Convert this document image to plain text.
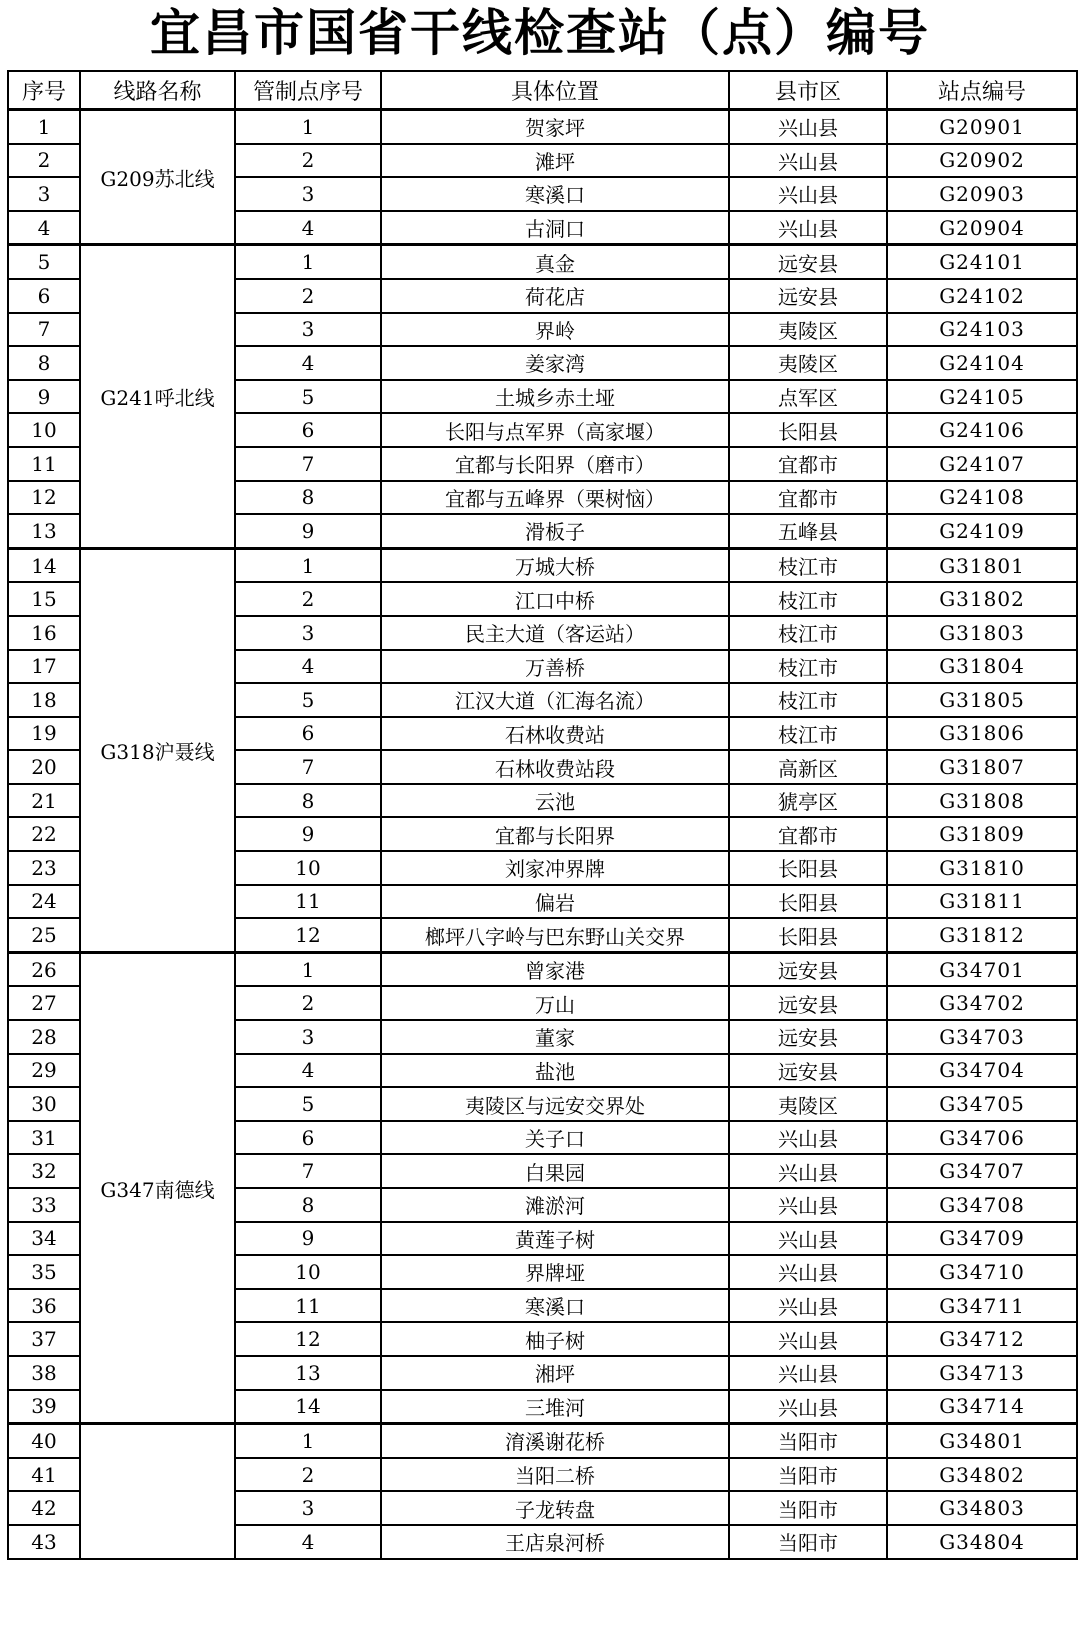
宜昌市国省干线检查站（点）编号
序号	线路名称	管制点序号	具体位置	县市区	站点编号
1	G209苏北线	1	贺家坪	兴山县	G20901
2		2	滩坪	兴山县	G20902
3		3	寒溪口	兴山县	G20903
4		4	古洞口	兴山县	G20904
5	G241呼北线	1	真金	远安县	G24101
6		2	荷花店	远安县	G24102
7		3	界岭	夷陵区	G24103
8		4	姜家湾	夷陵区	G24104
9		5	土城乡赤土垭	点军区	G24105
10		6	长阳与点军界（高家堰）	长阳县	G24106
11		7	宜都与长阳界（磨市）	宜都市	G24107
12		8	宜都与五峰界（栗树恼）	宜都市	G24108
13		9	滑板子	五峰县	G24109
14	G318沪聂线	1	万城大桥	枝江市	G31801
15		2	江口中桥	枝江市	G31802
16		3	民主大道（客运站）	枝江市	G31803
17		4	万善桥	枝江市	G31804
18		5	江汉大道（汇海名流）	枝江市	G31805
19		6	石林收费站	枝江市	G31806
20		7	石林收费站段	高新区	G31807
21		8	云池	猇亭区	G31808
22		9	宜都与长阳界	宜都市	G31809
23		10	刘家冲界牌	长阳县	G31810
24		11	偏岩	长阳县	G31811
25		12	榔坪八字岭与巴东野山关交界	长阳县	G31812
26	G347南德线	1	曾家港	远安县	G34701
27		2	万山	远安县	G34702
28		3	董家	远安县	G34703
29		4	盐池	远安县	G34704
30		5	夷陵区与远安交界处	夷陵区	G34705
31		6	关子口	兴山县	G34706
32		7	白果园	兴山县	G34707
33		8	滩淤河	兴山县	G34708
34		9	黄莲子树	兴山县	G34709
35		10	界牌垭	兴山县	G34710
36		11	寒溪口	兴山县	G34711
37		12	柚子树	兴山县	G34712
38		13	湘坪	兴山县	G34713
39		14	三堆河	兴山县	G34714
40		1	淯溪谢花桥	当阳市	G34801
41		2	当阳二桥	当阳市	G34802
42		3	子龙转盘	当阳市	G34803
43		4	王店泉河桥	当阳市	G34804
